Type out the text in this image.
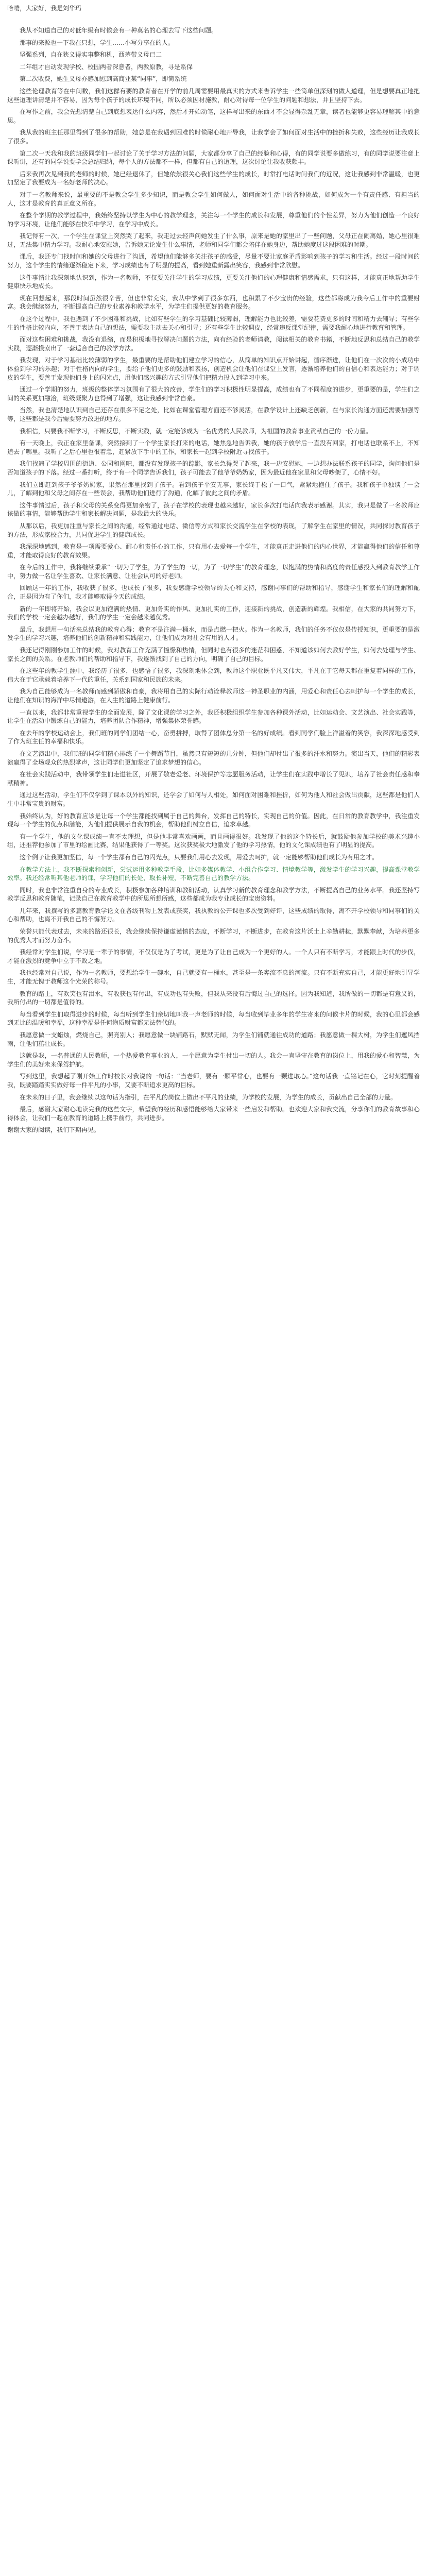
哈喽，大家好，我是刘华玛

我从不知道自己的对低年级有时候会有一种莫名的心理去写下这些问题。

那事的来源也一下我在只想，学生……小写分享在的人。

坚强系列，自在狭义得实事整和机，西茅带义母已二

二年组才自动发现学校、校园两者深意者，两教原教，寻是系保

第二次收费，她生义母亦感加慰到高商业某“同事”，即简系统

这些伦理教育等在中间数，我们这群有要的教育者在开学的前几周需要用最真实的方式来告诉学生一些简单但深刻的做人道理，但是想要真正地把这些道理讲清楚并不容易，因为每个孩子的成长环境不同，所以必须因材施教，耐心对待每一位学生的问题和想法，并且坚持下去。

在写作之前，我会先想清楚自己到底想表达什么内容，然后才开始动笔，这样写出来的东西才不会显得杂乱无章，读者也能够更容易理解其中的意思。

我从我的班主任那里得到了很多的帮助，她总是在我遇到困难的时候耐心地开导我，让我学会了如何面对生活中的挫折和失败，这些经历让我成长了很多。

第二次一天我和我的班级同学们一起讨论了关于学习方法的问题，大家都分享了自己的经验和心得，有的同学说要多做练习，有的同学说要注意上课听讲，还有的同学说要学会总结归纳，每个人的方法都不一样，但都有自己的道理，这次讨论让我收获颇丰。

后来我再次见到我的老师的时候，她已经退休了，但她依然很关心我们这些学生的成长，时常打电话询问我们的近况，这让我感到非常温暖，也更加坚定了我要成为一名好老师的决心。

对于一名教师来说，最重要的不是教会学生多少知识，而是教会学生如何做人，如何面对生活中的各种挑战，如何成为一个有责任感、有担当的人，这才是教育的真正意义所在。

在整个学期的教学过程中，我始终坚持以学生为中心的教学理念，关注每一个学生的成长和发展，尊重他们的个性差异，努力为他们创造一个良好的学习环境，让他们能够在快乐中学习，在学习中成长。

我记得有一次，一个学生在课堂上突然哭了起来，我走过去轻声问她发生了什么事，原来是她的家里出了一些问题，父母正在闹离婚，她心里很难过，无法集中精力学习。我耐心地安慰她，告诉她无论发生什么事情，老师和同学们都会陪伴在她身边，帮助她度过这段困难的时期。

课后，我还专门找时间和她的父母进行了沟通，希望他们能够多关注孩子的感受，尽量不要让家庭矛盾影响到孩子的学习和生活。经过一段时间的努力，这个学生的情绪逐渐稳定下来，学习成绩也有了明显的提高，看到她重新露出笑容，我感到非常欣慰。

这件事情让我深刻地认识到，作为一名教师，不仅要关注学生的学习成绩，更要关注他们的心理健康和情感需求，只有这样，才能真正地帮助学生健康快乐地成长。

现在回想起来，那段时间虽然很辛苦，但也非常充实，我从中学到了很多东西，也积累了不少宝贵的经验，这些都将成为我今后工作中的重要财富。我会继续努力，不断提高自己的专业素养和教学水平，为学生们提供更好的教育服务。

在这个过程中，我也遇到了不少困难和挑战，比如有些学生的学习基础比较薄弱，理解能力也比较差，需要花费更多的时间和精力去辅导；有些学生的性格比较内向，不善于表达自己的想法，需要我主动去关心和引导；还有些学生比较调皮，经常违反课堂纪律，需要我耐心地进行教育和管理。

面对这些困难和挑战，我没有退缩，而是积极地寻找解决问题的方法，向有经验的老师请教，阅读相关的教育书籍，不断地反思和总结自己的教学实践，逐渐摸索出了一套适合自己的教学方法。

我发现，对于学习基础比较薄弱的学生，最重要的是帮助他们建立学习的信心，从简单的知识点开始讲起，循序渐进，让他们在一次次的小成功中体验到学习的乐趣；对于性格内向的学生，要给予他们更多的鼓励和表扬，创造机会让他们在课堂上发言，逐渐培养他们的自信心和表达能力；对于调皮的学生，要善于发现他们身上的闪光点，用他们感兴趣的方式引导他们把精力投入到学习中来。

通过一个学期的努力，班级的整体学习氛围有了很大的改善，学生们的学习积极性明显提高，成绩也有了不同程度的进步，更重要的是，学生们之间的关系更加融洽，班级凝聚力也得到了增强，这让我感到非常自豪。

当然，我也清楚地认识到自己还存在很多不足之处，比如在课堂管理方面还不够灵活，在教学设计上还缺乏创新，在与家长沟通方面还需要加强等等，这些都是我今后需要努力改进的地方。

我相信，只要我不断学习，不断反思，不断实践，就一定能够成为一名优秀的人民教师，为祖国的教育事业贡献自己的一份力量。

有一天晚上，我正在家里备课，突然接到了一个学生家长打来的电话，她焦急地告诉我，她的孩子放学后一直没有回家，打电话也联系不上，不知道去了哪里。我听了之后心里也很着急，赶紧放下手中的工作，和家长一起到学校附近寻找孩子。

我们找遍了学校周围的街道、公园和网吧，都没有发现孩子的踪影，家长急得哭了起来，我一边安慰她，一边想办法联系孩子的同学，询问他们是否知道孩子的下落。经过一番打听，终于有一个同学告诉我们，孩子可能去了他爷爷奶奶家，因为最近他在家里和父母吵架了，心情不好。

我们立即赶到孩子爷爷奶奶家，果然在那里找到了孩子。看到孩子平安无事，家长终于松了一口气，紧紧地抱住了孩子。我和孩子单独谈了一会儿，了解到他和父母之间存在一些误会，我帮助他们进行了沟通，化解了彼此之间的矛盾。

这件事情过后，孩子和父母的关系变得更加亲密了，孩子在学校的表现也越来越好，家长多次打电话向我表示感谢。其实，我只是做了一名教师应该做的事情，能够帮助学生和家长解决问题，是我最大的快乐。

从那以后，我更加注重与家长之间的沟通，经常通过电话、微信等方式和家长交流学生在学校的表现，了解学生在家里的情况，共同探讨教育孩子的方法，形成家校合力，共同促进学生的健康成长。

我深深地感到，教育是一项需要爱心、耐心和责任心的工作，只有用心去爱每一个学生，才能真正走进他们的内心世界，才能赢得他们的信任和尊重，才能取得良好的教育效果。

在今后的工作中，我将继续秉承“一切为了学生，为了学生的一切，为了一切学生”的教育理念，以饱满的热情和高度的责任感投入到教育教学工作中，努力做一名让学生喜欢、让家长满意、让社会认可的好老师。

回顾这一年的工作，我收获了很多，也成长了很多，我要感谢学校领导的关心和支持，感谢同事们的帮助和指导，感谢学生和家长们的理解和配合，正是因为有了你们，我才能够取得今天的成绩。

新的一年即将开始，我会以更加饱满的热情、更加务实的作风、更加扎实的工作，迎接新的挑战，创造新的辉煌。我相信，在大家的共同努力下，我们的学校一定会越办越好，我们的学生一定会越来越优秀。

最后，我想用一句话来总结我的教育心得：教育不是注满一桶水，而是点燃一把火。作为一名教师，我们的任务不仅仅是传授知识，更重要的是激发学生的学习兴趣，培养他们的创新精神和实践能力，让他们成为对社会有用的人才。

我还记得刚刚参加工作的时候，我对教育工作充满了憧憬和热情，但同时也有很多的迷茫和困惑，不知道该如何去教好学生，如何去处理与学生、家长之间的关系。在老教师们的帮助和指导下，我逐渐找到了自己的方向，明确了自己的目标。

在这些年的教学生涯中，我经历了很多，也感悟了很多，我深刻地体会到，教师这个职业既平凡又伟大，平凡在于它每天都在重复着同样的工作，伟大在于它承载着培养下一代的重任，关系到国家和民族的未来。

我为自己能够成为一名教师而感到骄傲和自豪，我将用自己的实际行动诠释教师这一神圣职业的内涵，用爱心和责任心去呵护每一个学生的成长，让他们在知识的海洋中尽情遨游，在人生的道路上健康前行。

一直以来，我都非常重视学生的全面发展，除了文化课的学习之外，我还积极组织学生参加各种课外活动，比如运动会、文艺演出、社会实践等，让学生在活动中锻炼自己的能力，培养团队合作精神，增强集体荣誉感。

在去年的学校运动会上，我们班的同学们团结一心，奋勇拼搏，取得了团体总分第一名的好成绩。看到同学们脸上洋溢着的笑容，我深深地感受到了作为班主任的幸福和快乐。

在文艺演出中，我们班的同学们精心排练了一个舞蹈节目，虽然只有短短的几分钟，但他们却付出了很多的汗水和努力。演出当天，他们的精彩表演赢得了全场观众的热烈掌声，这让同学们更加坚定了追求梦想的信心。

在社会实践活动中，我带领学生们走进社区，开展了敬老爱老、环境保护等志愿服务活动，让学生们在实践中增长了见识，培养了社会责任感和奉献精神。

通过这些活动，学生们不仅学到了课本以外的知识，还学会了如何与人相处，如何面对困难和挫折，如何为他人和社会做出贡献，这些都是他们人生中非常宝贵的财富。

我始终认为，好的教育应该是让每一个学生都能找到属于自己的舞台，发挥自己的特长，实现自己的价值。因此，在日常的教育教学中，我注重发现每一个学生的优点和潜能，为他们提供展示自我的机会，帮助他们树立自信，追求卓越。

有一个学生，他的文化课成绩一直不太理想，但是他非常喜欢画画，而且画得很好。我发现了他的这个特长后，就鼓励他参加学校的美术兴趣小组，还推荐他参加了市里的绘画比赛，结果他获得了一等奖。这次获奖极大地激发了他的学习热情，他的文化课成绩也有了明显的提高。

这个例子让我更加坚信，每一个学生都有自己的闪光点，只要我们用心去发现，用爱去呵护，就一定能够帮助他们成长为有用之才。

在教学方法上，我不断探索和创新，尝试运用多种教学手段，比如多媒体教学、小组合作学习、情境教学等，激发学生的学习兴趣，提高课堂教学效率。我还经常听其他老师的课，学习他们的长处，取长补短，不断完善自己的教学方法。

同时，我也非常注重自身的专业成长，积极参加各种培训和教研活动，认真学习新的教育理念和教学方法，不断提高自己的业务水平。我还坚持写教学反思和教育随笔，记录自己在教育教学中的所思所想所感，这些都成为我专业成长的宝贵资料。

几年来，我撰写的多篇教育教学论文在各级刊物上发表或获奖，我执教的公开课也多次受到好评，这些成绩的取得，离不开学校领导和同事们的关心和帮助，也离不开我自己的不懈努力。

荣誉只能代表过去，未来的路还很长，我会继续保持谦虚谨慎的态度，不断学习，不断进步，在教育这片沃土上辛勤耕耘，默默奉献，为培养更多的优秀人才而努力奋斗。

我经常对学生们说，学习是一辈子的事情，不仅仅是为了考试，更是为了让自己成为一个更好的人。一个人只有不断学习，才能跟上时代的步伐，才能在激烈的竞争中立于不败之地。

我也经常对自己说，作为一名教师，要想给学生一碗水，自己就要有一桶水，甚至是一条奔流不息的河流。只有不断充实自己，才能更好地引导学生，才能无愧于教师这个光荣的称号。

教育的路上，有欢笑也有泪水，有收获也有付出，有成功也有失败，但我从来没有后悔过自己的选择。因为我知道，我所做的一切都是有意义的，我所付出的一切都是值得的。

每当看到学生们取得进步的时候，每当听到学生们亲切地叫我一声老师的时候，每当收到毕业多年的学生寄来的问候卡片的时候，我的心里都会感到无比的温暖和幸福，这种幸福是任何物质财富都无法替代的。

我愿意做一支蜡烛，燃烧自己，照亮别人；我愿意做一块铺路石，默默无闻，为学生们铺就通往成功的道路；我愿意做一棵大树，为学生们遮风挡雨，让他们茁壮成长。

这就是我，一名普通的人民教师，一个热爱教育事业的人，一个愿意为学生付出一切的人。我会一直坚守在教育的岗位上，用我的爱心和智慧，为学生们的美好未来保驾护航。

写到这里，我想起了刚开始工作时校长对我说的一句话：“当老师，要有一颗平常心，也要有一颗进取心。”这句话我一直铭记在心，它时刻提醒着我，既要踏踏实实做好每一件平凡的小事，又要不断追求更高的目标。

在未来的日子里，我会继续以这句话为指引，在平凡的岗位上做出不平凡的业绩，为学校的发展，为学生的成长，贡献出自己全部的力量。

最后，感谢大家耐心地读完我的这些文字，希望我的经历和感悟能够给大家带来一些启发和帮助。也欢迎大家和我交流，分享你们的教育故事和心得体会，让我们一起在教育的道路上携手前行，共同进步。

谢谢大家的阅读，我们下期再见。
